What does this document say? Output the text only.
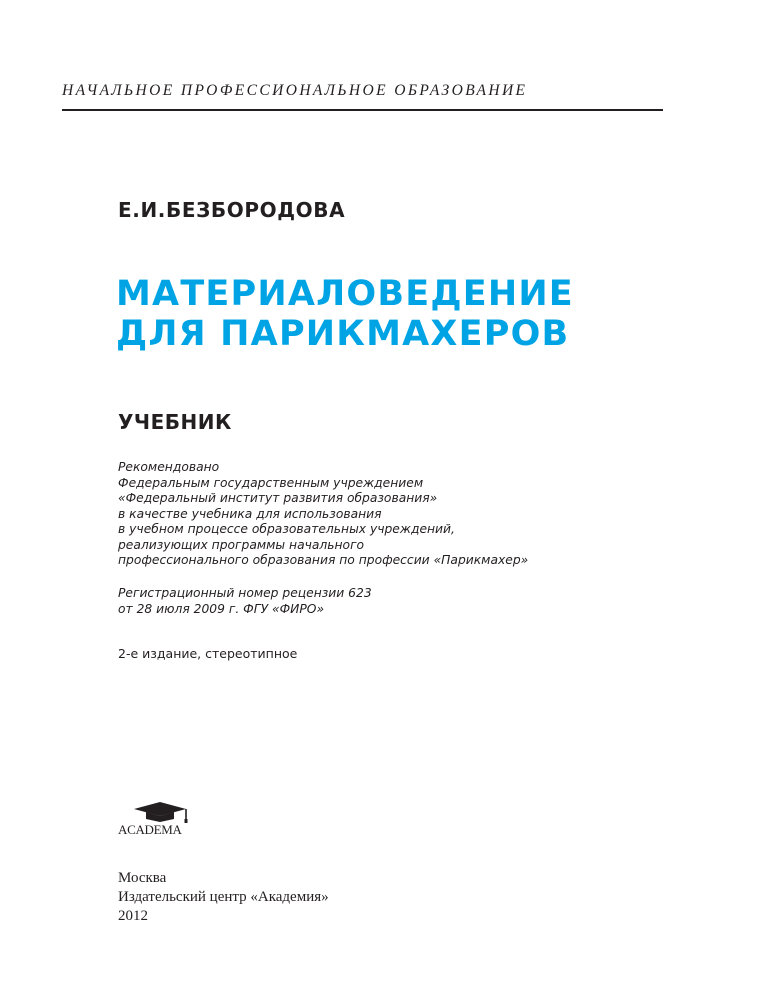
НАЧАЛЬНОЕ ПРОФЕССИОНАЛЬНОЕ ОБРАЗОВАНИЕ
Е.И.БЕЗБОРОДОВА
МАТЕРИАЛОВЕДЕНИЕ
ДЛЯ ПАРИКМАХЕРОВ
УЧЕБНИК
Рекомендовано
Федеральным государственным учреждением
«Федеральный институт развития образования»
в качестве учебника для использования
в учебном процессе образовательных учреждений,
реализующих программы начального
профессионального образования по профессии «Парикмахер»
Регистрационный номер рецензии 623
от 28 июля 2009 г. ФГУ «ФИРО»
2-е издание, стереотипное
ACADEMA
Москва
Издательский центр «Академия»
2012
